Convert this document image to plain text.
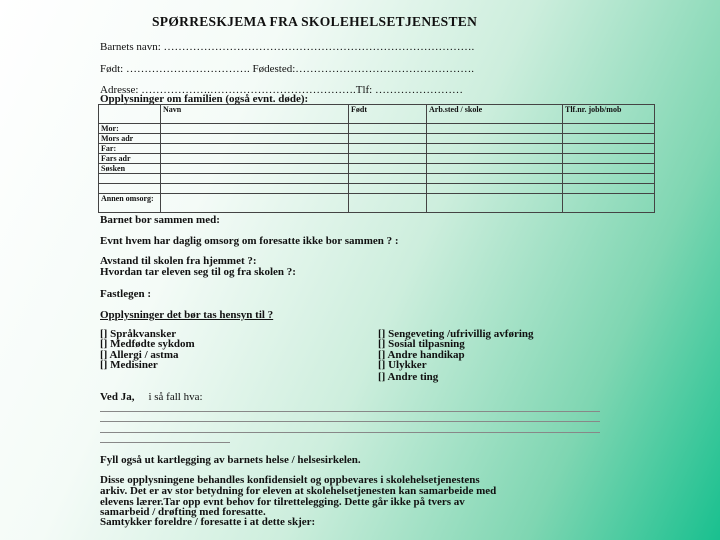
SPØRRESKJEMA FRA SKOLEHELSETJENESTEN
Barnets navn: ………………………………………………………………………….
Født: ……………………………. Fødested:………………………………………….
Adresse: ……………….………………………………….Tlf: ……………………
Opplysninger om familien (også evnt. døde):
	Navn	Født	Arb.sted / skole	Tlf.nr. jobb/mob
Mor:				
Mors adr				
Far:				
Fars adr				
Søsken				

Annen omsorg:				
Barnet bor sammen med:
Evnt hvem har daglig omsorg om foresatte ikke bor sammen ? :
Avstand til skolen fra hjemmet ?:
Hvordan tar eleven seg til og fra skolen ?:
Fastlegen :
Opplysninger det bør tas hensyn til ?
[] Språkvansker
[] Medfødte sykdom
[] Allergi / astma
[] Medisiner
[] Sengeveting /ufrivillig avføring
[] Sosial tilpasning
[] Andre handikap
[] Ulykker
[] Andre ting
Ved Ja, i så fall hva:
Fyll også ut kartlegging av barnets helse / helsesirkelen.
Disse opplysningene behandles konfidensielt og oppbevares i skolehelsetjenestens
arkiv. Det er av stor betydning for eleven at skolehelsetjenesten kan samarbeide med
elevens lærer.Tar opp evnt behov for tilrettelegging. Dette går ikke på tvers av
samarbeid / drøfting med foresatte.
Samtykker foreldre / foresatte i at dette skjer:
